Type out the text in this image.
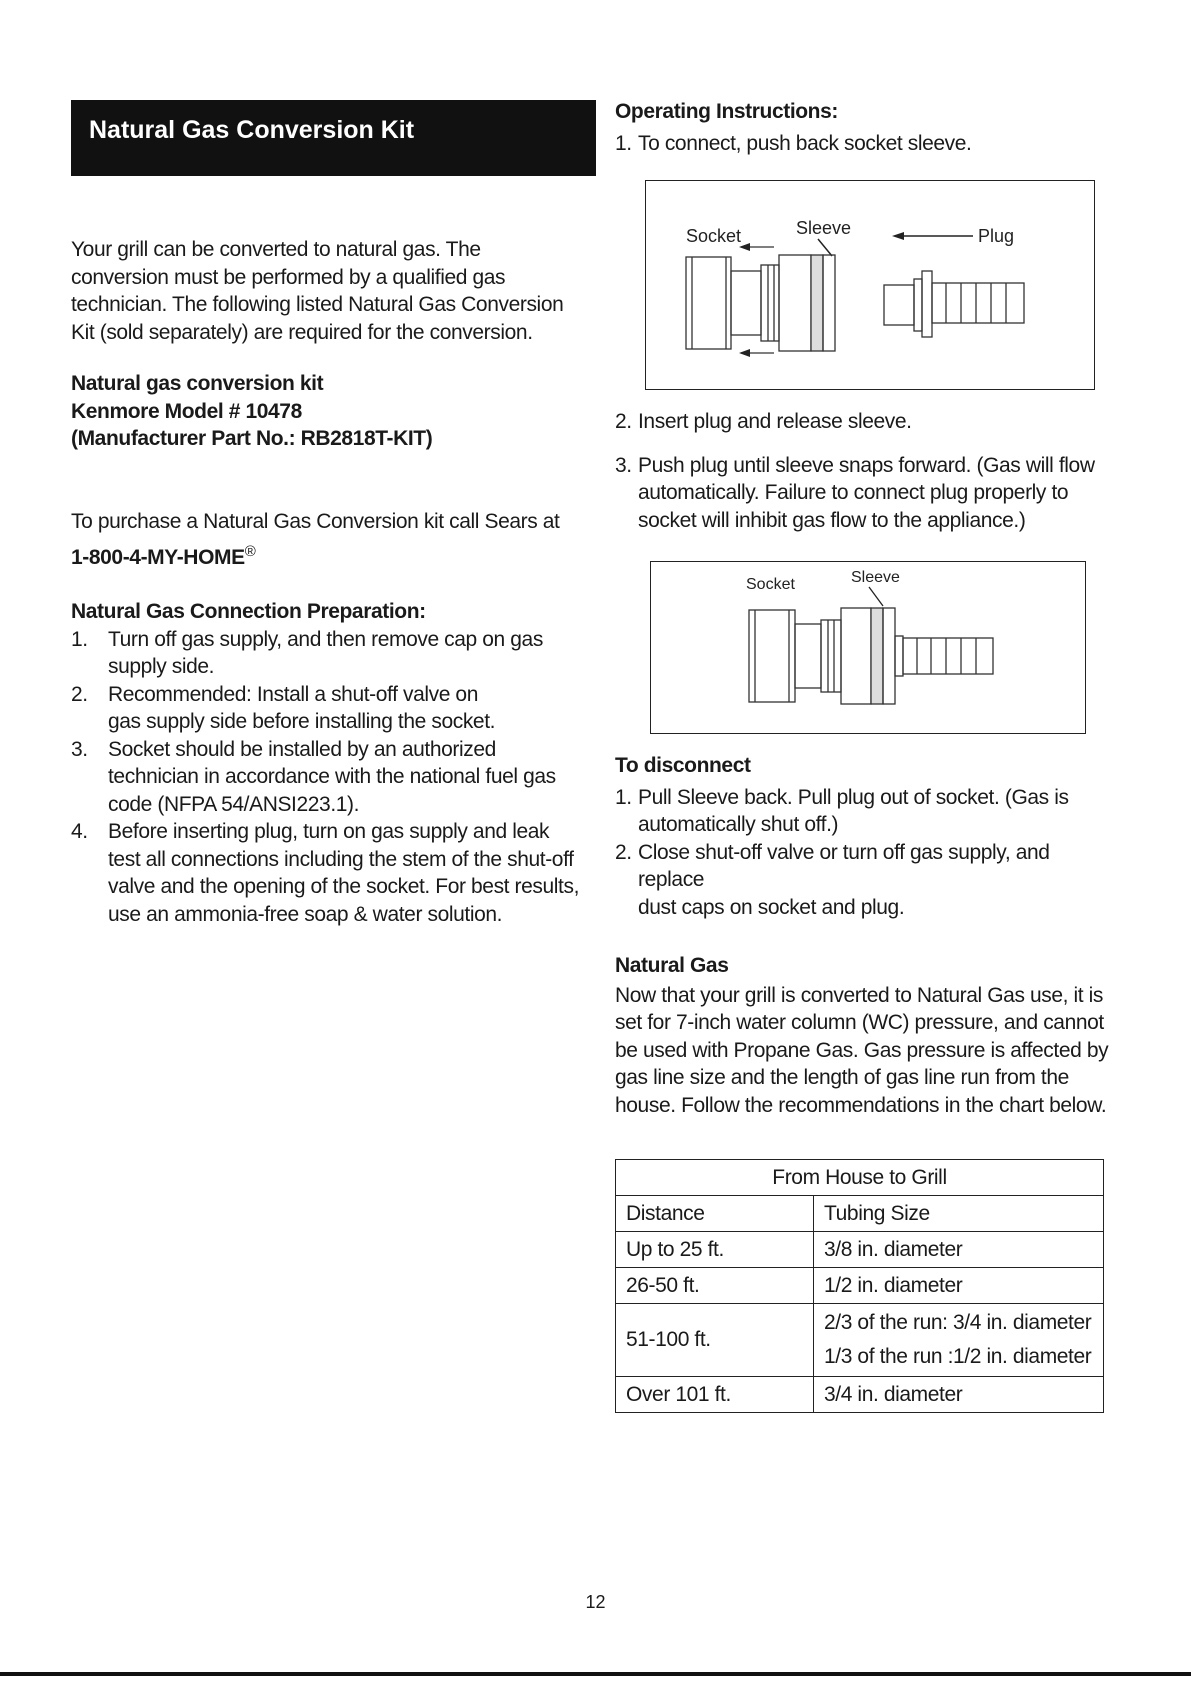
Natural Gas Conversion Kit
Your grill can be converted to natural gas. The
conversion must be performed by a qualified gas
technician. The following listed Natural Gas Conversion
Kit (sold separately) are required for the conversion.
Natural gas conversion kit
Kenmore Model # 10478
(Manufacturer Part No.: RB2818T-KIT)
To purchase a Natural Gas Conversion kit call Sears at
1-800-4-MY-HOME®
Natural Gas Connection Preparation:
1. Turn off gas supply, and then remove cap on gas
supply side.
2. Recommended: Install a shut-off valve on
gas supply side before installing the socket.
3. Socket should be installed by an authorized
technician in accordance with the national fuel gas
code (NFPA 54/ANSI223.1).
4. Before inserting plug, turn on gas supply and leak
test all connections including the stem of the shut-off
valve and the opening of the socket. For best results,
use an ammonia-free soap & water solution.
Operating Instructions:
1. To connect, push back socket sleeve.
Socket	Sleeve	Plug
2. Insert plug and release sleeve.
3. Push plug until sleeve snaps forward. (Gas will flow
automatically. Failure to connect plug properly to
socket will inhibit gas flow to the appliance.)
Socket	Sleeve
To disconnect
1. Pull Sleeve back. Pull plug out of socket. (Gas is
automatically shut off.)
2. Close shut-off valve or turn off gas supply, and replace
dust caps on socket and plug.
Natural Gas
Now that your grill is converted to Natural Gas use, it is
set for 7-inch water column (WC) pressure, and cannot
be used with Propane Gas. Gas pressure is affected by
gas line size and the length of gas line run from the
house. Follow the recommendations in the chart below.
From House to Grill	
Distance	Tubing Size
Up to 25 ft.	3/8 in. diameter
26-50 ft.	1/2 in. diameter
51-100 ft.	2/3 of the run: 3/4 in. diameter
1/3 of the run :1/2 in. diameter

Over 101 ft.	3/4 in. diameter
12
